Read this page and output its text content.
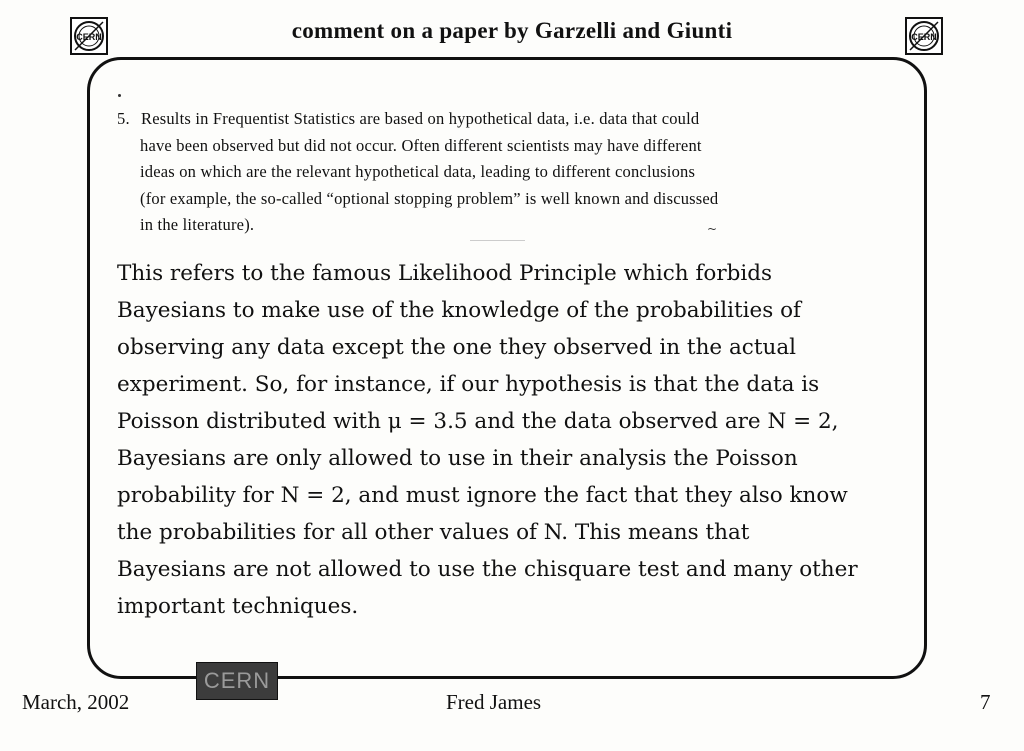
comment on a paper by Garzelli and Giunti
CERN	CERN
5. Results in Frequentist Statistics are based on hypothetical data, i.e. data that could
have been observed but did not occur. Often different scientists may have different
ideas on which are the relevant hypothetical data, leading to different conclusions
(for example, the so-called “optional stopping problem” is well known and discussed
in the literature).	~
This refers to the famous Likelihood Principle which forbids
Bayesians to make use of the knowledge of the probabilities of
observing any data except the one they observed in the actual
experiment. So, for instance, if our hypothesis is that the data is
Poisson distributed with μ = 3.5 and the data observed are N = 2,
Bayesians are only allowed to use in their analysis the Poisson
probability for N = 2, and must ignore the fact that they also know
the probabilities for all other values of N. This means that
Bayesians are not allowed to use the chisquare test and many other
important techniques.
CERN
March, 2002	Fred James	7
